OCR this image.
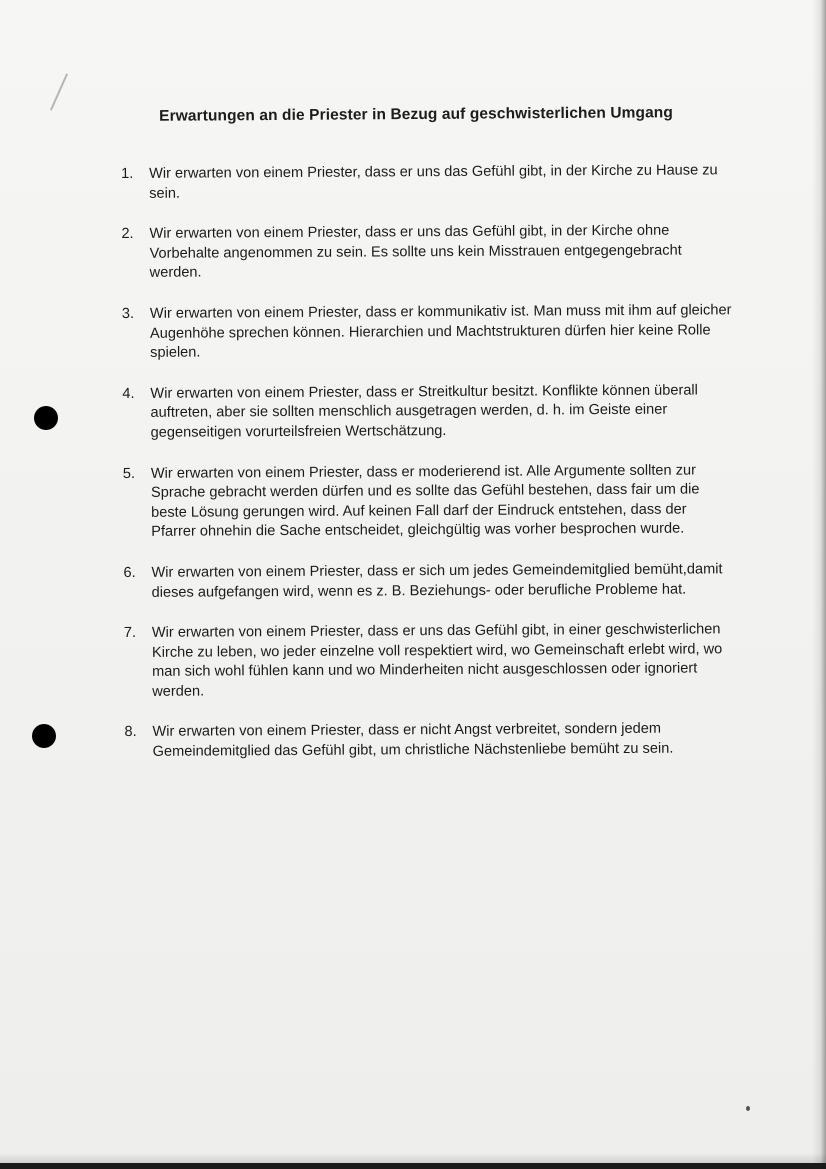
Erwartungen an die Priester in Bezug auf geschwisterlichen Umgang
1.	Wir erwarten von einem Priester, dass er uns das Gefühl gibt, in der Kirche zu Hause zu sein.
2.	Wir erwarten von einem Priester, dass er uns das Gefühl gibt, in der Kirche ohne Vorbehalte angenommen zu sein. Es sollte uns kein Misstrauen entgegengebracht werden.
3.	Wir erwarten von einem Priester, dass er kommunikativ ist. Man muss mit ihm auf gleicher Augenhöhe sprechen können. Hierarchien und Machtstrukturen dürfen hier keine Rolle spielen.
4.	Wir erwarten von einem Priester, dass er Streitkultur besitzt. Konflikte können überall auftreten, aber sie sollten menschlich ausgetragen werden, d. h. im Geiste einer gegenseitigen vorurteilsfreien Wertschätzung.
5.	Wir erwarten von einem Priester, dass er moderierend ist. Alle Argumente sollten zur Sprache gebracht werden dürfen und es sollte das Gefühl bestehen, dass fair um die beste Lösung gerungen wird. Auf keinen Fall darf der Eindruck entstehen, dass der Pfarrer ohnehin die Sache entscheidet, gleichgültig was vorher besprochen wurde.
6.	Wir erwarten von einem Priester, dass er sich um jedes Gemeindemitglied bemüht,damit dieses aufgefangen wird, wenn es z. B. Beziehungs- oder berufliche Probleme hat.
7.	Wir erwarten von einem Priester, dass er uns das Gefühl gibt, in einer geschwisterlichen Kirche zu leben, wo jeder einzelne voll respektiert wird, wo Gemeinschaft erlebt wird, wo man sich wohl fühlen kann und wo Minderheiten nicht ausgeschlossen oder ignoriert werden.
8.	Wir erwarten von einem Priester, dass er nicht Angst verbreitet, sondern jedem Gemeindemitglied das Gefühl gibt, um christliche Nächstenliebe bemüht zu sein.
